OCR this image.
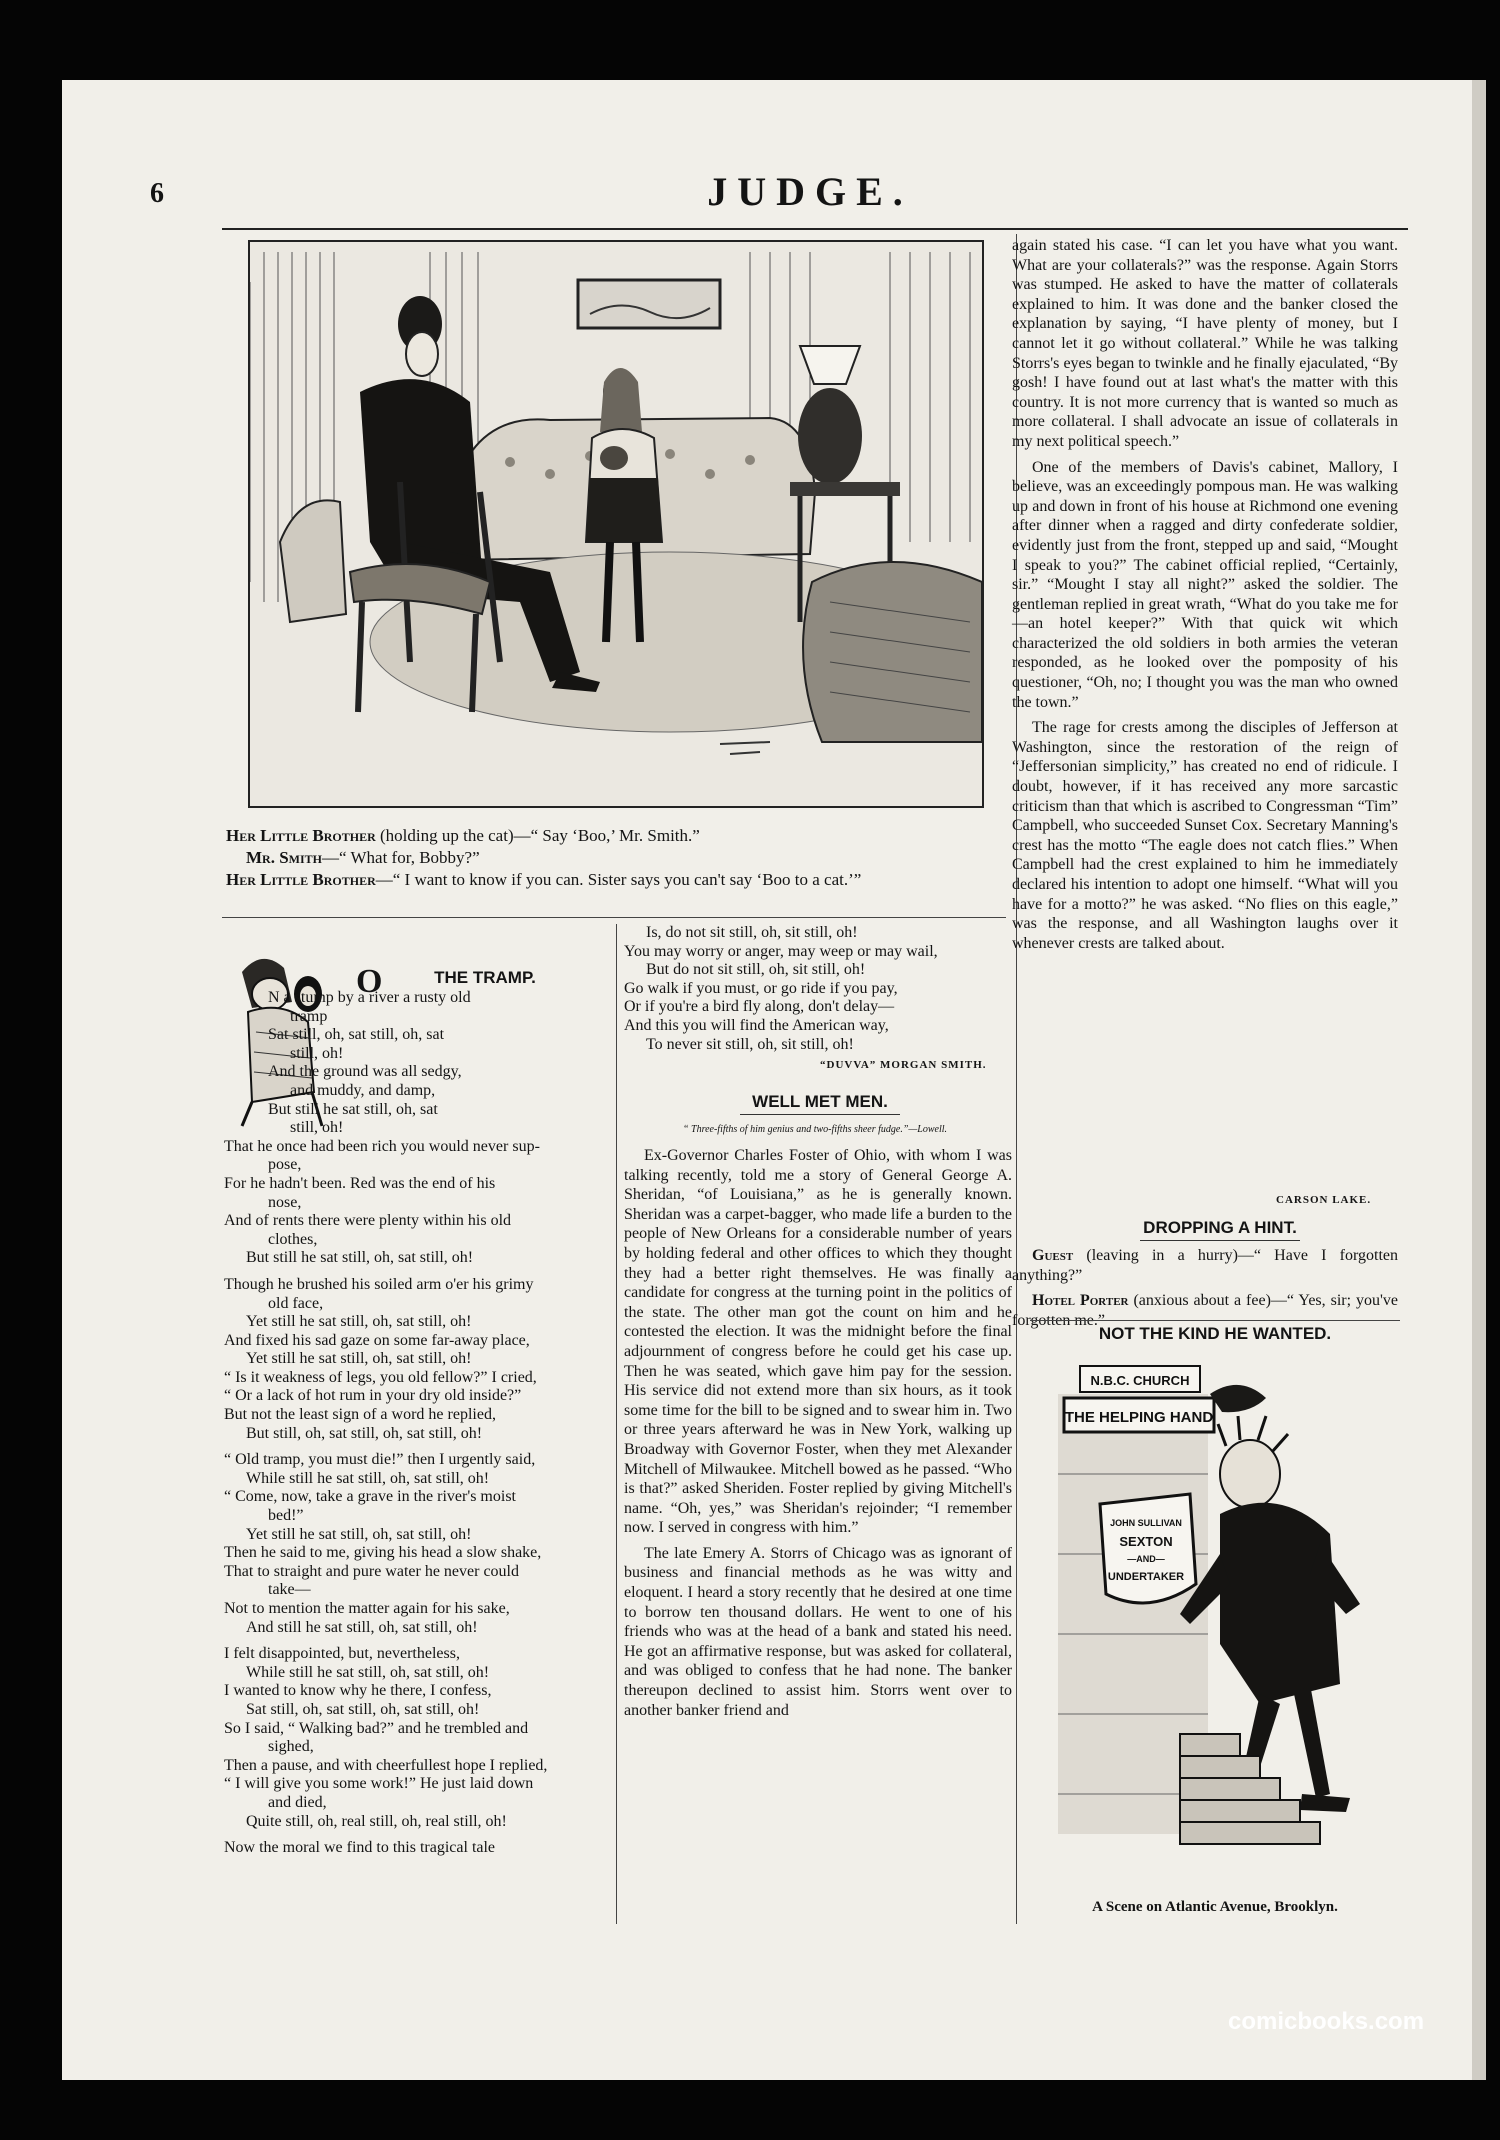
6	JUDGE.

Her Little Brother (holding up the cat)—“ Say ‘Boo,’ Mr. Smith.”

Mr. Smith—“ What for, Bobby?”

Her Little Brother—“ I want to know if you can. Sister says you can't say ‘Boo to a cat.’”

again stated his case. “I can let you have what you want. What are your collaterals?” was the response. Again Storrs was stumped. He asked to have the matter of collaterals explained to him. It was done and the banker closed the explanation by saying, “I have plenty of money, but I cannot let it go without collateral.” While he was talking Storrs's eyes began to twinkle and he finally ejaculated, “By gosh! I have found out at last what's the matter with this country. It is not more currency that is wanted so much as more collateral. I shall advocate an issue of collaterals in my next political speech.”

One of the members of Davis's cabinet, Mallory, I believe, was an exceedingly pompous man. He was walking up and down in front of his house at Richmond one evening after dinner when a ragged and dirty confederate soldier, evidently just from the front, stepped up and said, “Mought I speak to you?” The cabinet official replied, “Certainly, sir.” “Mought I stay all night?” asked the soldier. The gentleman replied in great wrath, “What do you take me for—an hotel keeper?” With that quick wit which characterized the old soldiers in both armies the veteran responded, as he looked over the pomposity of his questioner, “Oh, no; I thought you was the man who owned the town.”

The rage for crests among the disciples of Jefferson at Washington, since the restoration of the reign of “Jeffersonian simplicity,” has created no end of ridicule. I doubt, however, if it has received any more sarcastic criticism than that which is ascribed to Congressman “Tim” Campbell, who succeeded Sunset Cox. Secretary Manning's crest has the motto “The eagle does not catch flies.” When Campbell had the crest explained to him he immediately declared his intention to adopt one himself. “What will you have for a motto?” he was asked. “No flies on this eagle,” was the response, and all Washington laughs over it whenever crests are talked about.

CARSON LAKE.
DROPPING A HINT.

Guest (leaving in a hurry)—“ Have I forgotten anything?”

Hotel Porter (anxious about a fee)—“ Yes, sir; you've forgotten me.”

NOT THE KIND HE WANTED.
N.B.C. CHURCH
THE HELPING HAND
JOHN SULLIVAN
SEXTON
—AND—
UNDERTAKER
A Scene on Atlantic Avenue, Brooklyn.
THE TRAMP.
O
N a stump by a river a rusty old
tramp
Sat still, oh, sat still, oh, sat
still, oh!
And the ground was all sedgy,
and muddy, and damp,
But still he sat still, oh, sat
still, oh!
That he once had been rich you would never sup-
pose,
For he hadn't been. Red was the end of his
nose,
And of rents there were plenty within his old
clothes,
But still he sat still, oh, sat still, oh!

Though he brushed his soiled arm o'er his grimy
old face,
Yet still he sat still, oh, sat still, oh!
And fixed his sad gaze on some far-away place,
Yet still he sat still, oh, sat still, oh!
“ Is it weakness of legs, you old fellow?” I cried,
“ Or a lack of hot rum in your dry old inside?”
But not the least sign of a word he replied,
But still, oh, sat still, oh, sat still, oh!

“ Old tramp, you must die!” then I urgently said,
While still he sat still, oh, sat still, oh!
“ Come, now, take a grave in the river's moist
bed!”
Yet still he sat still, oh, sat still, oh!
Then he said to me, giving his head a slow shake,
That to straight and pure water he never could
take—
Not to mention the matter again for his sake,
And still he sat still, oh, sat still, oh!

I felt disappointed, but, nevertheless,
While still he sat still, oh, sat still, oh!
I wanted to know why he there, I confess,
Sat still, oh, sat still, oh, sat still, oh!
So I said, “ Walking bad?” and he trembled and
sighed,
Then a pause, and with cheerfullest hope I replied,
“ I will give you some work!” He just laid down
and died,
Quite still, oh, real still, oh, real still, oh!

Now the moral we find to this tragical tale
Is, do not sit still, oh, sit still, oh!
You may worry or anger, may weep or may wail,
But do not sit still, oh, sit still, oh!
Go walk if you must, or go ride if you pay,
Or if you're a bird fly along, don't delay—
And this you will find the American way,
To never sit still, oh, sit still, oh!
“DUVVA” MORGAN SMITH.
WELL MET MEN.
“ Three-fifths of him genius and two-fifths sheer fudge.”—Lowell.

Ex-Governor Charles Foster of Ohio, with whom I was talking recently, told me a story of General George A. Sheridan, “of Louisiana,” as he is generally known. Sheridan was a carpet-bagger, who made life a burden to the people of New Orleans for a considerable number of years by holding federal and other offices to which they thought they had a better right themselves. He was finally a candidate for congress at the turning point in the politics of the state. The other man got the count on him and he contested the election. It was the midnight before the final adjournment of congress before he could get his case up. Then he was seated, which gave him pay for the session. His service did not extend more than six hours, as it took some time for the bill to be signed and to swear him in. Two or three years afterward he was in New York, walking up Broadway with Governor Foster, when they met Alexander Mitchell of Milwaukee. Mitchell bowed as he passed. “Who is that?” asked Sheriden. Foster replied by giving Mitchell's name. “Oh, yes,” was Sheridan's rejoinder; “I remember now. I served in congress with him.”

The late Emery A. Storrs of Chicago was as ignorant of business and financial methods as he was witty and eloquent. I heard a story recently that he desired at one time to borrow ten thousand dollars. He went to one of his friends who was at the head of a bank and stated his need. He got an affirmative response, but was asked for collateral, and was obliged to confess that he had none. The banker thereupon declined to assist him. Storrs went over to another banker friend and

comicbooks.com
